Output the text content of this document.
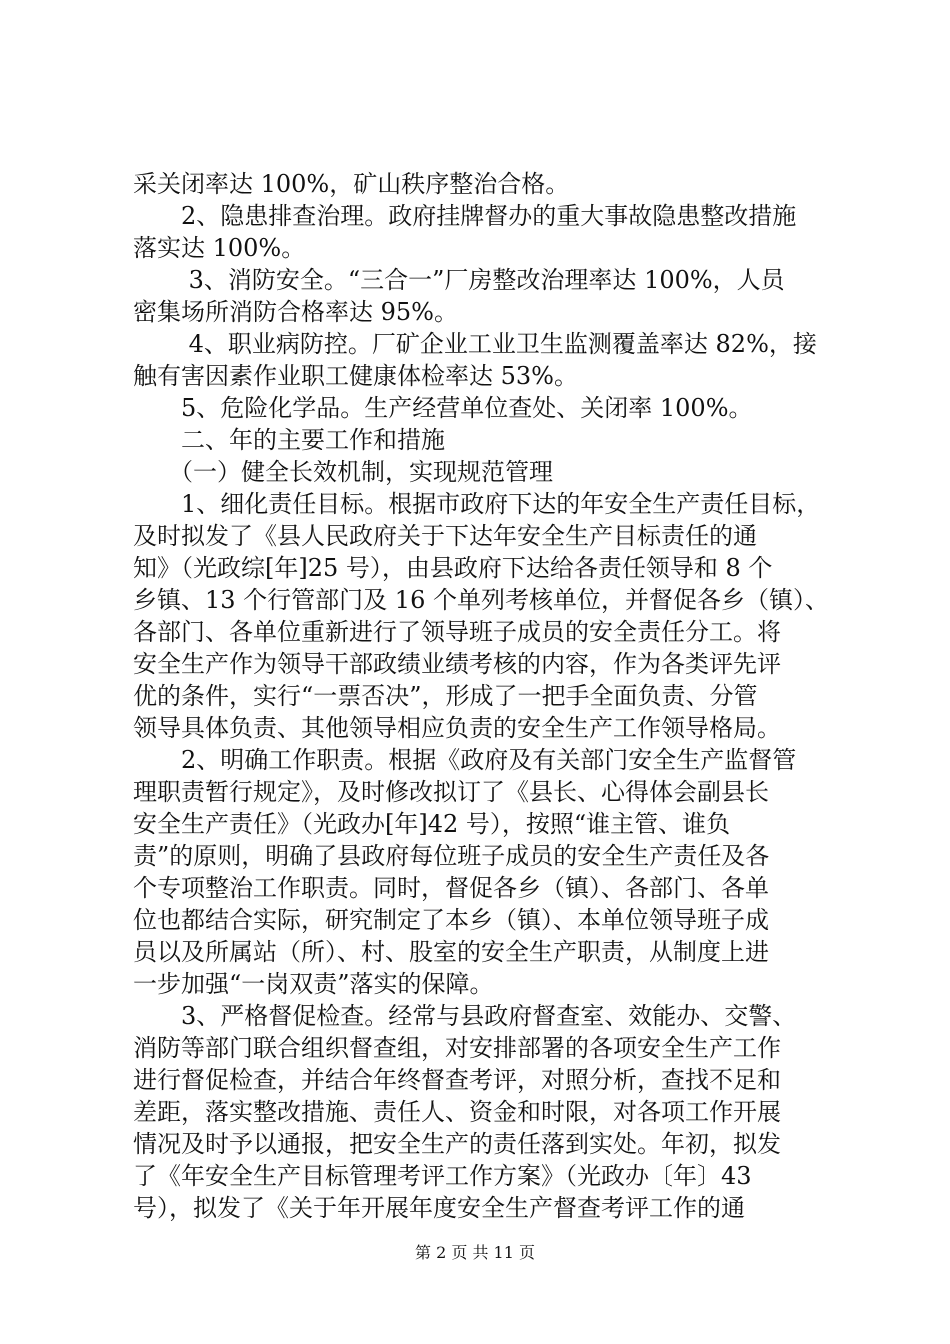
采关闭率达 100%，矿山秩序整治合格。
　　2、隐患排查治理。政府挂牌督办的重大事故隐患整改措施
落实达 100%。
　　 3、消防安全。“三合一”厂房整改治理率达 100%，人员
密集场所消防合格率达 95%。
　　 4、职业病防控。厂矿企业工业卫生监测覆盖率达 82%，接
触有害因素作业职工健康体检率达 53%。
　　5、危险化学品。生产经营单位查处、关闭率 100%。
　　二、年的主要工作和措施
　　（一）健全长效机制，实现规范管理
　　1、细化责任目标。根据市政府下达的年安全生产责任目标，
及时拟发了《县人民政府关于下达年安全生产目标责任的通
知》（光政综[年]25 号），由县政府下达给各责任领导和 8 个
乡镇、13 个行管部门及 16 个单列考核单位，并督促各乡（镇）、
各部门、各单位重新进行了领导班子成员的安全责任分工。将
安全生产作为领导干部政绩业绩考核的内容，作为各类评先评
优的条件，实行“一票否决”，形成了一把手全面负责、分管
领导具体负责、其他领导相应负责的安全生产工作领导格局。
　　2、明确工作职责。根据《政府及有关部门安全生产监督管
理职责暂行规定》，及时修改拟订了《县长、心得体会副县长
安全生产责任》（光政办[年]42 号），按照“谁主管、谁负
责”的原则，明确了县政府每位班子成员的安全生产责任及各
个专项整治工作职责。同时，督促各乡（镇）、各部门、各单
位也都结合实际，研究制定了本乡（镇）、本单位领导班子成
员以及所属站（所）、村、股室的安全生产职责，从制度上进
一步加强“一岗双责”落实的保障。
　　3、严格督促检查。经常与县政府督查室、效能办、交警、
消防等部门联合组织督查组，对安排部署的各项安全生产工作
进行督促检查，并结合年终督查考评，对照分析，查找不足和
差距，落实整改措施、责任人、资金和时限，对各项工作开展
情况及时予以通报，把安全生产的责任落到实处。年初，拟发
了《年安全生产目标管理考评工作方案》（光政办〔年〕43
号），拟发了《关于年开展年度安全生产督查考评工作的通
第 2 页 共 11 页
